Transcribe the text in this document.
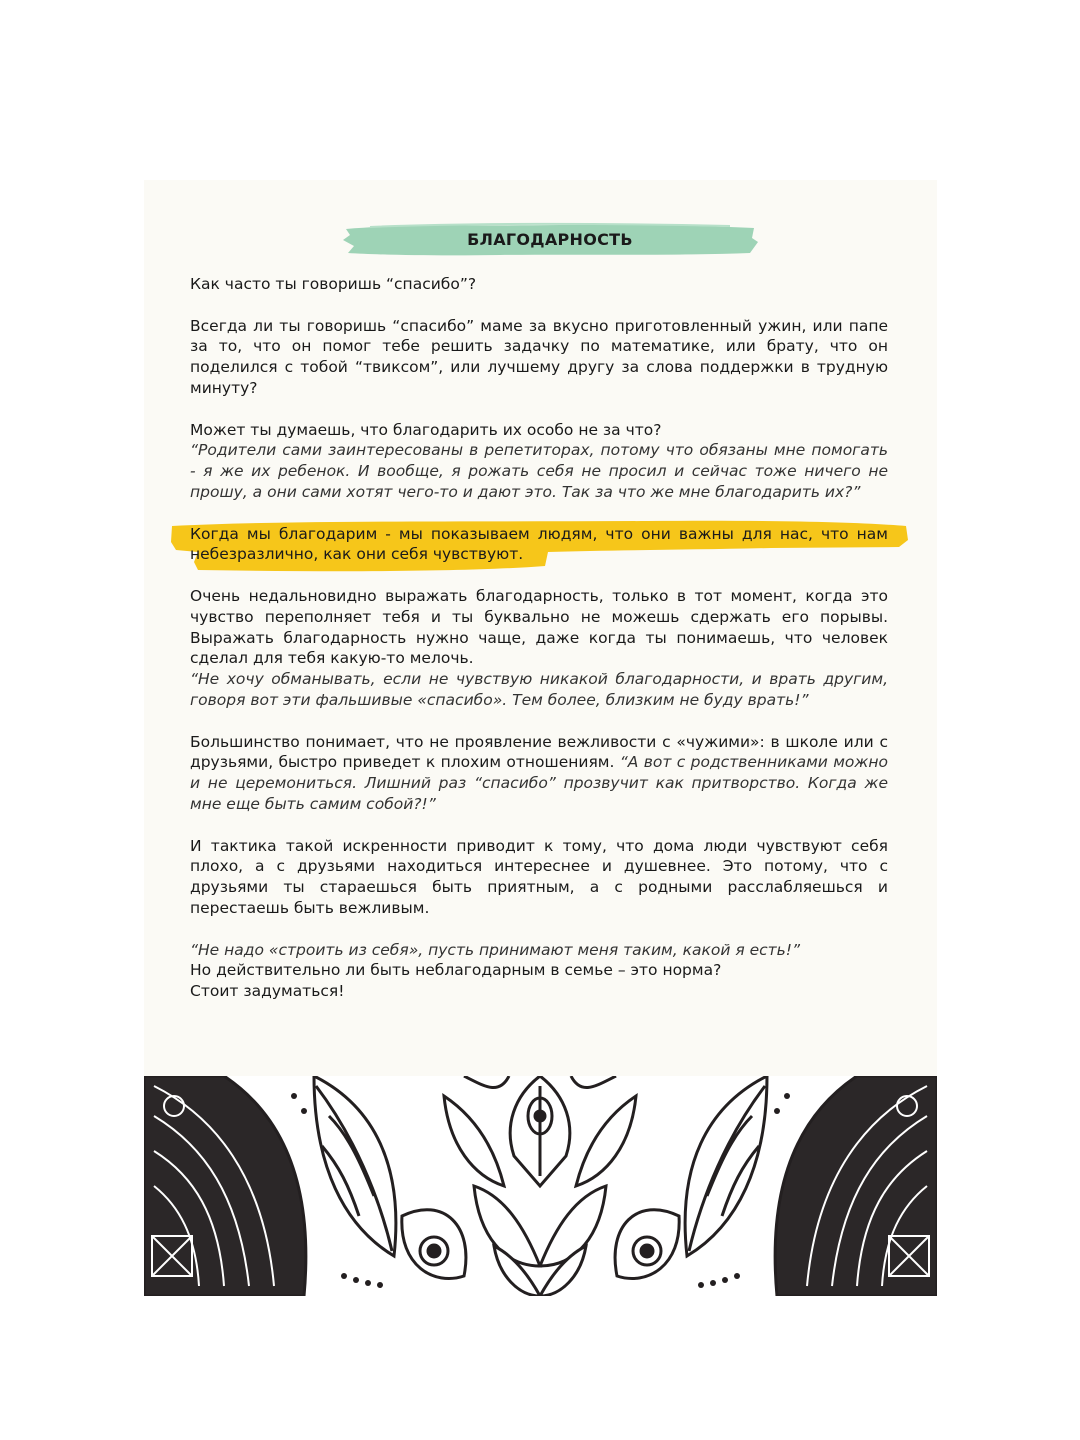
БЛАГОДАРНОСТЬ

Как часто ты говоришь “спасибо”?

Всегда ли ты говоришь “спасибо” маме за вкусно приготовленный ужин, или папе за то, что он помог тебе решить задачку по математике, или брату, что он поделился с тобой “твиксом”, или лучшему другу за слова поддержки в трудную минуту?

Может ты думаешь, что благодарить их особо не за что?

“Родители сами заинтересованы в репетиторах, потому что обязаны мне помогать - я же их ребенок. И вообще, я рожать себя не просил и сейчас тоже ничего не прошу, а они сами хотят чего-то и дают это. Так за что же мне благодарить их?”

Когда мы благодарим - мы показываем людям, что они важны для нас, что нам небезразлично, как они себя чувствуют.

Очень недальновидно выражать благодарность, только в тот момент, когда это чувство переполняет тебя и ты буквально не можешь сдержать его порывы. Выражать благодарность нужно чаще, даже когда ты понимаешь, что человек сделал для тебя какую-то мелочь.

“Не хочу обманывать, если не чувствую никакой благодарности, и врать другим, говоря вот эти фальшивые «спасибо». Тем более, близким не буду врать!”

Большинство понимает, что не проявление вежливости с «чужими»: в школе или с друзьями, быстро приведет к плохим отношениям. “А вот с родственниками можно и не церемониться. Лишний раз “спасибо” прозвучит как притворство. Когда же мне еще быть самим собой?!”

И тактика такой искренности приводит к тому, что дома люди чувствуют себя плохо, а с друзьями находиться интереснее и душевнее. Это потому, что с друзьями ты стараешься быть приятным, а с родными расслабляешься и перестаешь быть вежливым.

“Не надо «строить из себя», пусть принимают меня таким, какой я есть!”

Но действительно ли быть неблагодарным в семье – это норма?

Стоит задуматься!
